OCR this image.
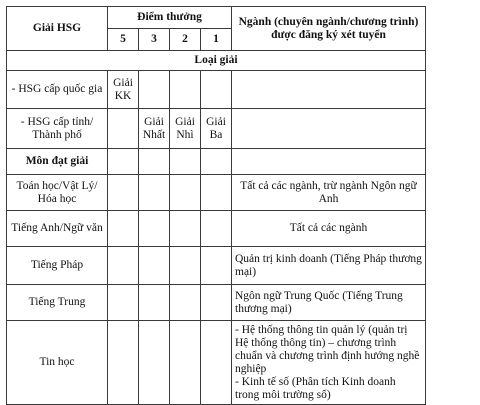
Giải HSG	Điểm thưởng				Ngành (chuyên ngành/chương trình) được đăng ký xét tuyển
	5	3	2	1	
Loại giải					
- HSG cấp quốc gia	Giải KK				
- HSG cấp tỉnh/ Thành phố		Giải Nhất	Giải Nhì	Giải Ba	
Môn đạt giải					
Toán học/Vật Lý/ Hóa học					Tất cả các ngành, trừ ngành Ngôn ngữ Anh
Tiếng Anh/Ngữ văn					Tất cả các ngành
Tiếng Pháp					Quản trị kinh doanh (Tiếng Pháp thương mại)
Tiếng Trung					Ngôn ngữ Trung Quốc (Tiếng Trung thương mại)
Tin học					- Hệ thống thông tin quản lý (quản trị Hệ thống thông tin) – chương trình chuẩn và chương trình định hướng nghề nghiệp
- Kinh tế số (Phân tích Kinh doanh trong môi trường số)
